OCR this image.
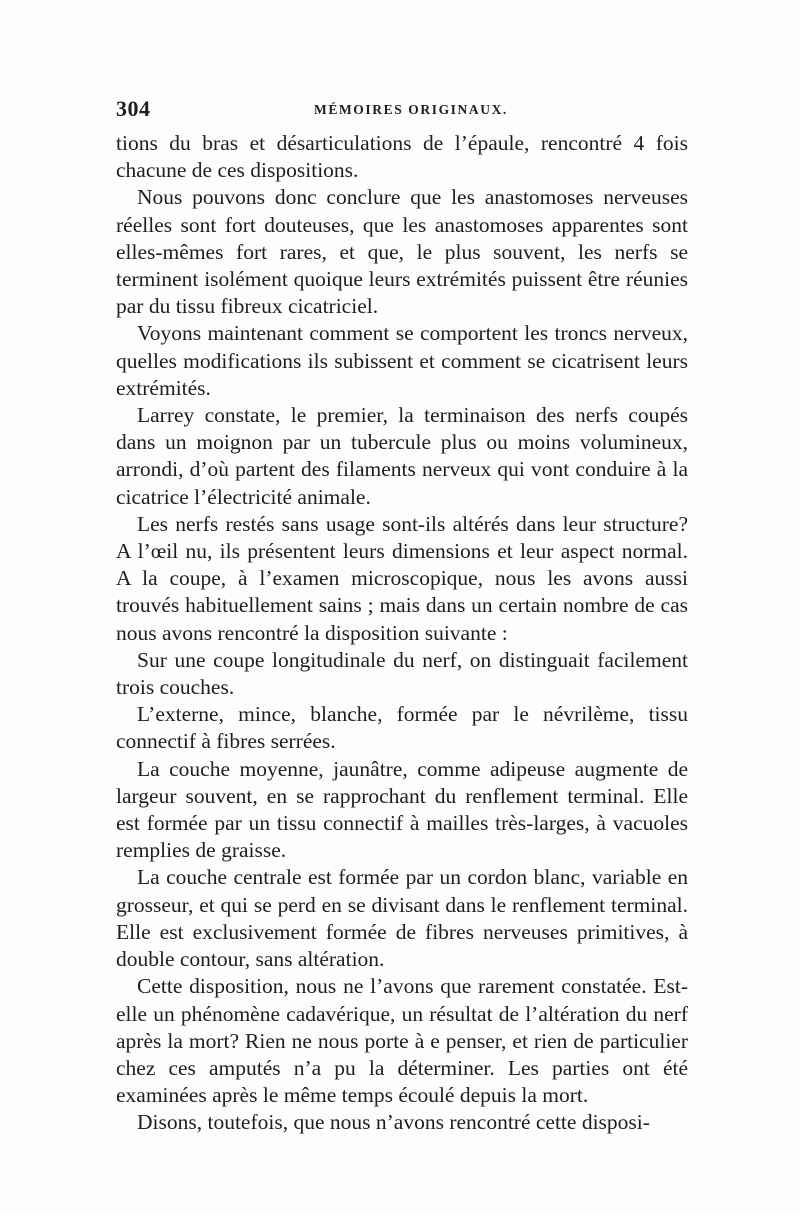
304	MÉMOIRES ORIGINAUX.

tions du bras et désarticulations de l’épaule, rencontré 4 fois chacune de ces dispositions.

Nous pouvons donc conclure que les anastomoses nerveuses réelles sont fort douteuses, que les anastomoses apparentes sont elles-mêmes fort rares, et que, le plus souvent, les nerfs se terminent isolément quoique leurs extrémités puissent être réunies par du tissu fibreux cicatriciel.

Voyons maintenant comment se comportent les troncs nerveux, quelles modifications ils subissent et comment se cicatrisent leurs extrémités.

Larrey constate, le premier, la terminaison des nerfs coupés dans un moignon par un tubercule plus ou moins volumineux, arrondi, d’où partent des filaments nerveux qui vont conduire à la cicatrice l’électricité animale.

Les nerfs restés sans usage sont-ils altérés dans leur structure? A l’œil nu, ils présentent leurs dimensions et leur aspect normal. A la coupe, à l’examen microscopique, nous les avons aussi trouvés habituellement sains ; mais dans un certain nombre de cas nous avons rencontré la disposition suivante :

Sur une coupe longitudinale du nerf, on distinguait facilement trois couches.

L’externe, mince, blanche, formée par le névrilème, tissu connectif à fibres serrées.

La couche moyenne, jaunâtre, comme adipeuse augmente de largeur souvent, en se rapprochant du renflement terminal. Elle est formée par un tissu connectif à mailles très-larges, à vacuoles remplies de graisse.

La couche centrale est formée par un cordon blanc, variable en grosseur, et qui se perd en se divisant dans le renflement terminal. Elle est exclusivement formée de fibres nerveuses primitives, à double contour, sans altération.

Cette disposition, nous ne l’avons que rarement constatée. Est-elle un phénomène cadavérique, un résultat de l’altération du nerf après la mort? Rien ne nous porte à e penser, et rien de particulier chez ces amputés n’a pu la déterminer. Les parties ont été examinées après le même temps écoulé depuis la mort.

Disons, toutefois, que nous n’avons rencontré cette disposi-
